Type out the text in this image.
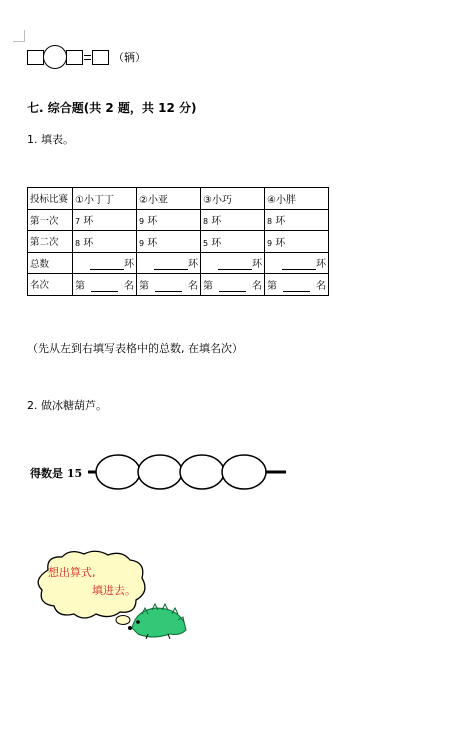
（辆）
七. 综合题(共 2 题，共 12 分)
1. 填表。
投标比赛	①小丁丁	②小亚	③小巧	④小胖
第一次	7 环	9 环	8 环	8 环
第二次	8 环	9 环	5 环	9 环
总数	环	环	环	环

名次	第 名	第 名	第 名	第 名
（先从左到右填写表格中的总数, 在填名次）
2. 做冰糖葫芦。
得数是 15
想出算式,
填进去。
